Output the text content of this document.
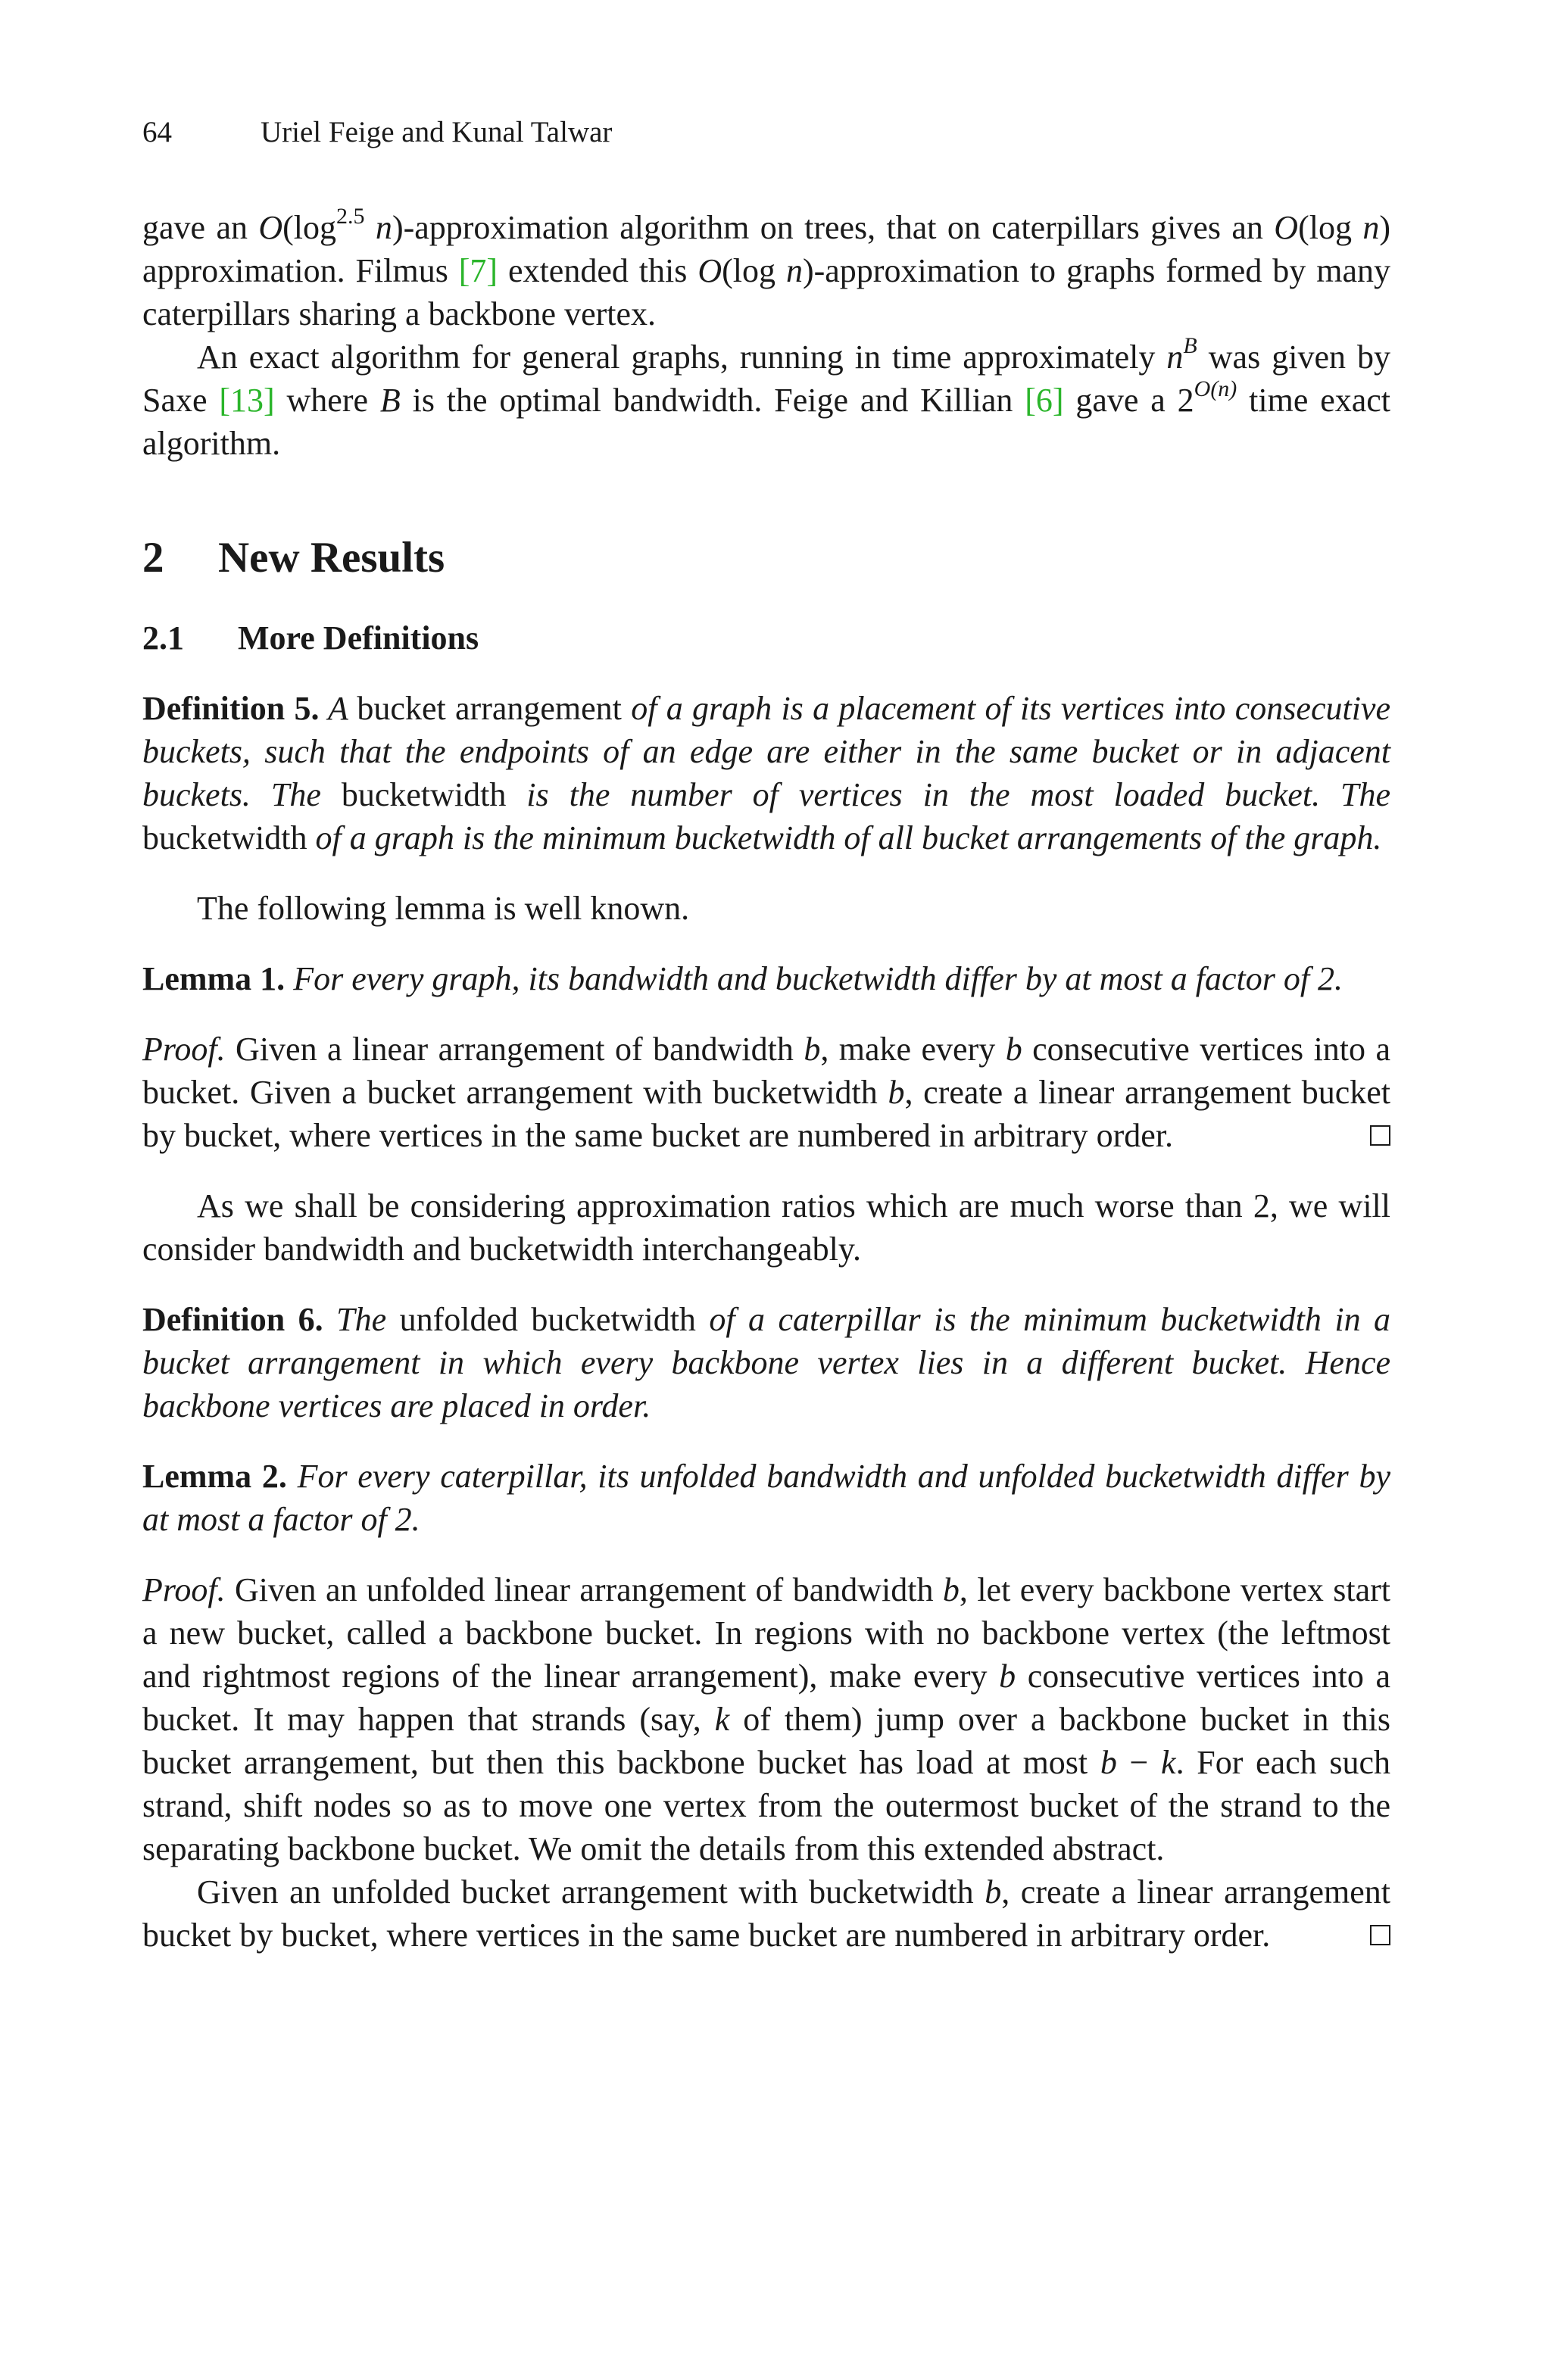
64	Uriel Feige and Kunal Talwar

gave an $O(\log^{2.5}$ n)-approximation algorithm on trees, that on caterpillars gives an O(log n) approximation. Filmus [7] extended this O(log n)-approximation to graphs formed by many caterpillars sharing a backbone vertex.

An exact algorithm for general graphs, running in time approximately $n^B$ was given by Saxe [13] where B is the optimal bandwidth. Feige and Killian [6] gave a $2^{O(n)}$ time exact algorithm.

2 New Results
2.1 More Definitions

Definition 5. A bucket arrangement of a graph is a placement of its vertices into consecutive buckets, such that the endpoints of an edge are either in the same bucket or in adjacent buckets. The bucketwidth is the number of vertices in the most loaded bucket. The bucketwidth of a graph is the minimum bucketwidth of all bucket arrangements of the graph.

The following lemma is well known.

Lemma 1. For every graph, its bandwidth and bucketwidth differ by at most a factor of 2.

Proof. Given a linear arrangement of bandwidth b, make every b consecutive vertices into a bucket. Given a bucket arrangement with bucketwidth b, create a linear arrangement bucket by bucket, where vertices in the same bucket are numbered in arbitrary order.

As we shall be considering approximation ratios which are much worse than 2, we will consider bandwidth and bucketwidth interchangeably.

Definition 6. The unfolded bucketwidth of a caterpillar is the minimum bucketwidth in a bucket arrangement in which every backbone vertex lies in a different bucket. Hence backbone vertices are placed in order.

Lemma 2. For every caterpillar, its unfolded bandwidth and unfolded bucketwidth differ by at most a factor of 2.

Proof. Given an unfolded linear arrangement of bandwidth b, let every backbone vertex start a new bucket, called a backbone bucket. In regions with no backbone vertex (the leftmost and rightmost regions of the linear arrangement), make every b consecutive vertices into a bucket. It may happen that strands (say, k of them) jump over a backbone bucket in this bucket arrangement, but then this backbone bucket has load at most b − k. For each such strand, shift nodes so as to move one vertex from the outermost bucket of the strand to the separating backbone bucket. We omit the details from this extended abstract.

Given an unfolded bucket arrangement with bucketwidth b, create a linear arrangement bucket by bucket, where vertices in the same bucket are numbered in arbitrary order.
